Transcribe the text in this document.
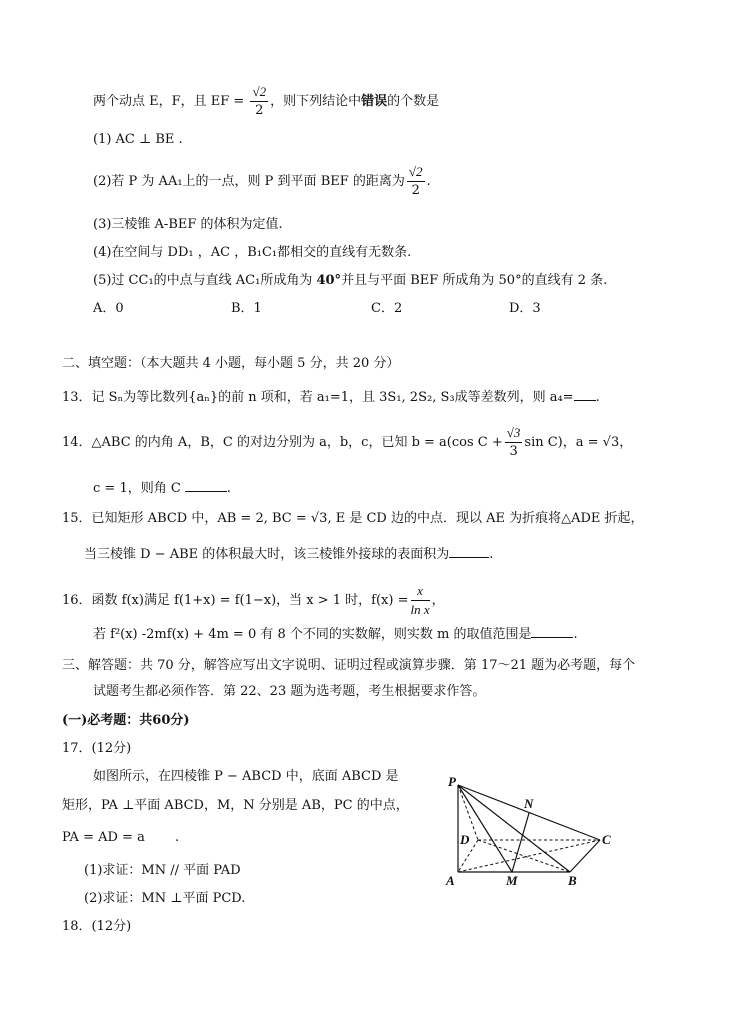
两个动点 E，F，且 EF = $\frac{√2}{2}$ ，则下列结论中错误的个数是
(1) AC ⊥ BE .
(2)若 P 为 AA₁上的一点，则 P 到平面 BEF 的距离为 $\frac{√2}{2}$ .
(3)三棱锥 A-BEF 的体积为定值.
(4)在空间与 DD₁ ，AC ，B₁C₁都相交的直线有无数条.
(5)过 CC₁的中点与直线 AC₁所成角为 40°并且与平面 BEF 所成角为 50°的直线有 2 条.
A．0	B．1	C．2	D．3
二、填空题：（本大题共 4 小题，每小题 5 分，共 20 分）
13．记 Sₙ为等比数列{aₙ}的前 n 项和，若 a₁=1，且 3S₁, 2S₂, S₃成等差数列，则 a₄= .
14．△ABC 的内角 A，B，C 的对边分别为 a，b，c，已知 b = a(cos $C + \frac{√3}{3}$ sin C)，a = √3，
c = 1，则角 C	.
15．已知矩形 ABCD 中，AB = 2, BC = √3, E 是 CD 边的中点．现以 AE 为折痕将△ADE 折起，
当三棱锥 D − ABE 的体积最大时，该三棱锥外接球的表面积为	.
16．函数 f(x)满足 f(1+x) = f(1−x)，当 x > 1 时，$f(x) = \frac{x}{\text{ln x}}$ ，
若 f²(x) -2mf(x) + 4m = 0 有 8 个不同的实数解，则实数 m 的取值范围是	.
三、解答题：共 70 分，解答应写出文字说明、证明过程或演算步骤．第 17～21 题为必考题，每个
试题考生都必须作答．第 22、23 题为选考题，考生根据要求作答。
(一)必考题：共60分)
17．(12分)
如图所示，在四棱锥 P − ABCD 中，底面 ABCD 是
矩形，PA ⊥平面 ABCD，M，N 分别是 AB，PC 的中点，
PA = AD = a　　 .
(1)求证：MN // 平面 PAD
(2)求证：MN ⊥平面 PCD.
18．(12分)
P
N
D	C
A	M	B
